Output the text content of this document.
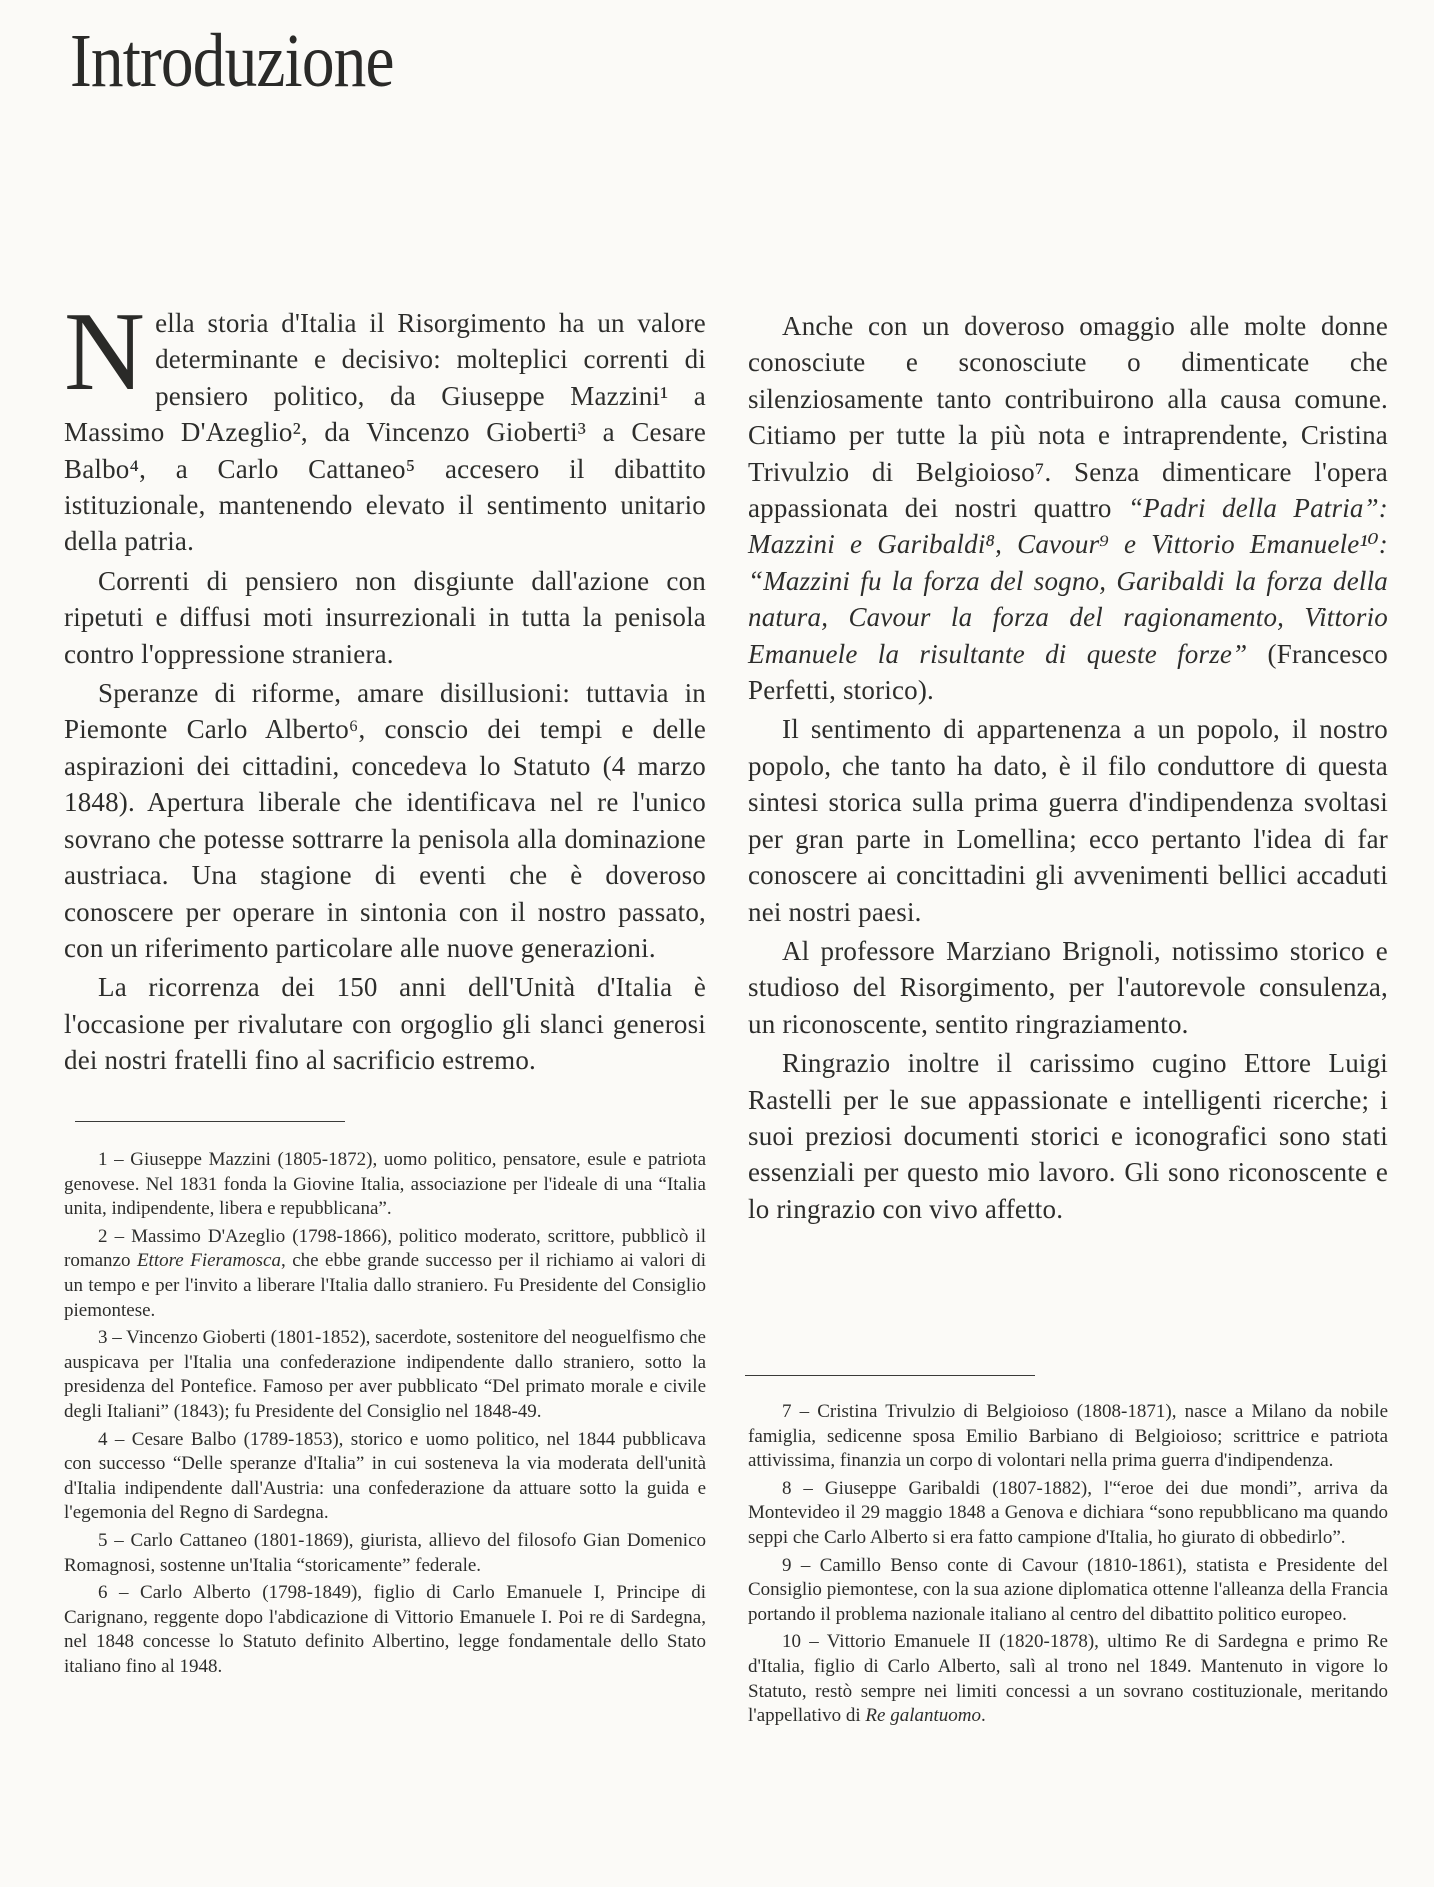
Introduzione

Nella storia d'Italia il Risorgimento ha un valore determinante e decisivo: molteplici correnti di pensiero politico, da Giuseppe Mazzini¹ a Massimo D'Azeglio², da Vincenzo Gioberti³ a Cesare Balbo⁴, a Carlo Cattaneo⁵ accesero il dibattito istituzionale, mantenendo elevato il sentimento unitario della patria.

Correnti di pensiero non disgiunte dall'azione con ripetuti e diffusi moti insurrezionali in tutta la penisola contro l'oppressione straniera.

Speranze di riforme, amare disillusioni: tuttavia in Piemonte Carlo Alberto⁶, conscio dei tempi e delle aspirazioni dei cittadini, concedeva lo Statuto (4 marzo 1848). Apertura liberale che identificava nel re l'unico sovrano che potesse sottrarre la penisola alla dominazione austriaca. Una stagione di eventi che è doveroso conoscere per operare in sintonia con il nostro passato, con un riferimento particolare alle nuove generazioni.

La ricorrenza dei 150 anni dell'Unità d'Italia è l'occasione per rivalutare con orgoglio gli slanci generosi dei nostri fratelli fino al sacrificio estremo.

Anche con un doveroso omaggio alle molte donne conosciute e sconosciute o dimenticate che silenziosamente tanto contribuirono alla causa comune. Citiamo per tutte la più nota e intraprendente, Cristina Trivulzio di Belgioioso⁷. Senza dimenticare l'opera appassionata dei nostri quattro “Padri della Patria”: Mazzini e Garibaldi⁸, Cavour⁹ e Vittorio Emanuele¹⁰: “Mazzini fu la forza del sogno, Garibaldi la forza della natura, Cavour la forza del ragionamento, Vittorio Emanuele la risultante di queste forze” (Francesco Perfetti, storico).

Il sentimento di appartenenza a un popolo, il nostro popolo, che tanto ha dato, è il filo conduttore di questa sintesi storica sulla prima guerra d'indipendenza svoltasi per gran parte in Lomellina; ecco pertanto l'idea di far conoscere ai concittadini gli avvenimenti bellici accaduti nei nostri paesi.

Al professore Marziano Brignoli, notissimo storico e studioso del Risorgimento, per l'autorevole consulenza, un riconoscente, sentito ringraziamento.

Ringrazio inoltre il carissimo cugino Ettore Luigi Rastelli per le sue appassionate e intelligenti ricerche; i suoi preziosi documenti storici e iconografici sono stati essenziali per questo mio lavoro. Gli sono riconoscente e lo ringrazio con vivo affetto.

1 – Giuseppe Mazzini (1805-1872), uomo politico, pensatore, esule e patriota genovese. Nel 1831 fonda la Giovine Italia, associazione per l'ideale di una “Italia unita, indipendente, libera e repubblicana”.

2 – Massimo D'Azeglio (1798-1866), politico moderato, scrittore, pubblicò il romanzo Ettore Fieramosca, che ebbe grande successo per il richiamo ai valori di un tempo e per l'invito a liberare l'Italia dallo straniero. Fu Presidente del Consiglio piemontese.

3 – Vincenzo Gioberti (1801-1852), sacerdote, sostenitore del neoguelfismo che auspicava per l'Italia una confederazione indipendente dallo straniero, sotto la presidenza del Pontefice. Famoso per aver pubblicato “Del primato morale e civile degli Italiani” (1843); fu Presidente del Consiglio nel 1848-49.

4 – Cesare Balbo (1789-1853), storico e uomo politico, nel 1844 pubblicava con successo “Delle speranze d'Italia” in cui sosteneva la via moderata dell'unità d'Italia indipendente dall'Austria: una confederazione da attuare sotto la guida e l'egemonia del Regno di Sardegna.

5 – Carlo Cattaneo (1801-1869), giurista, allievo del filosofo Gian Domenico Romagnosi, sostenne un'Italia “storicamente” federale.

6 – Carlo Alberto (1798-1849), figlio di Carlo Emanuele I, Principe di Carignano, reggente dopo l'abdicazione di Vittorio Emanuele I. Poi re di Sardegna, nel 1848 concesse lo Statuto definito Albertino, legge fondamentale dello Stato italiano fino al 1948.

7 – Cristina Trivulzio di Belgioioso (1808-1871), nasce a Milano da nobile famiglia, sedicenne sposa Emilio Barbiano di Belgioioso; scrittrice e patriota attivissima, finanzia un corpo di volontari nella prima guerra d'indipendenza.

8 – Giuseppe Garibaldi (1807-1882), l'“eroe dei due mondi”, arriva da Montevideo il 29 maggio 1848 a Genova e dichiara “sono repubblicano ma quando seppi che Carlo Alberto si era fatto campione d'Italia, ho giurato di obbedirlo”.

9 – Camillo Benso conte di Cavour (1810-1861), statista e Presidente del Consiglio piemontese, con la sua azione diplomatica ottenne l'alleanza della Francia portando il problema nazionale italiano al centro del dibattito politico europeo.

10 – Vittorio Emanuele II (1820-1878), ultimo Re di Sardegna e primo Re d'Italia, figlio di Carlo Alberto, salì al trono nel 1849. Mantenuto in vigore lo Statuto, restò sempre nei limiti concessi a un sovrano costituzionale, meritando l'appellativo di Re galantuomo.
